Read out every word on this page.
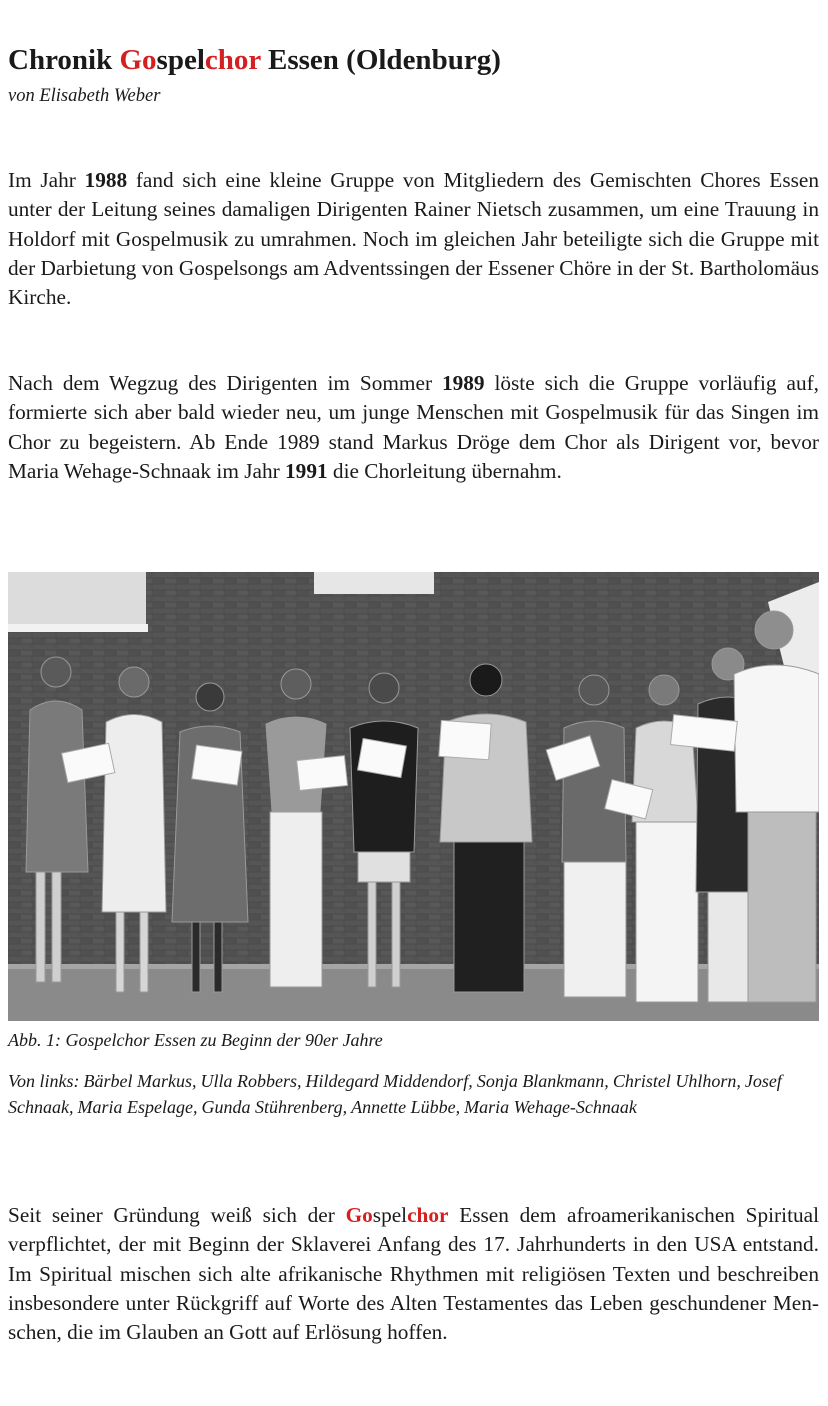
Chronik Gospelchor Essen (Oldenburg)

von Elisabeth Weber

Im Jahr 1988 fand sich eine kleine Gruppe von Mitgliedern des Gemischten Chores Essen unter der Leitung seines damaligen Dirigenten Rainer Nietsch zusammen, um eine Trauung in Holdorf mit Gospelmusik zu umrahmen. Noch im gleichen Jahr beteiligte sich die Gruppe mit der Darbietung von Gospelsongs am Adventssingen der Essener Chöre in der St. Bartholomäus Kirche.

Nach dem Wegzug des Dirigenten im Sommer 1989 löste sich die Gruppe vorläufig auf, formierte sich aber bald wieder neu, um junge Menschen mit Gospelmusik für das Singen im Chor zu begeistern. Ab Ende 1989 stand Markus Dröge dem Chor als Dirigent vor, bevor Maria Wehage-Schnaak im Jahr 1991 die Chorleitung übernahm.

Abb. 1: Gospelchor Essen zu Beginn der 90er Jahre

Von links: Bärbel Markus, Ulla Robbers, Hildegard Middendorf, Sonja Blankmann, Christel Uhlhorn, Josef Schnaak, Maria Espelage, Gunda Stührenberg, Annette Lübbe, Maria Wehage-Schnaak

Seit seiner Gründung weiß sich der Gospelchor Essen dem afroamerikanischen Spiritual verpflichtet, der mit Beginn der Sklaverei Anfang des 17. Jahrhunderts in den USA entstand. Im Spiritual mischen sich alte afrikanische Rhythmen mit religiösen Texten und beschreiben insbesondere unter Rückgriff auf Worte des Alten Testamentes das Leben geschundener Menschen, die im Glauben an Gott auf Erlösung hoffen.
